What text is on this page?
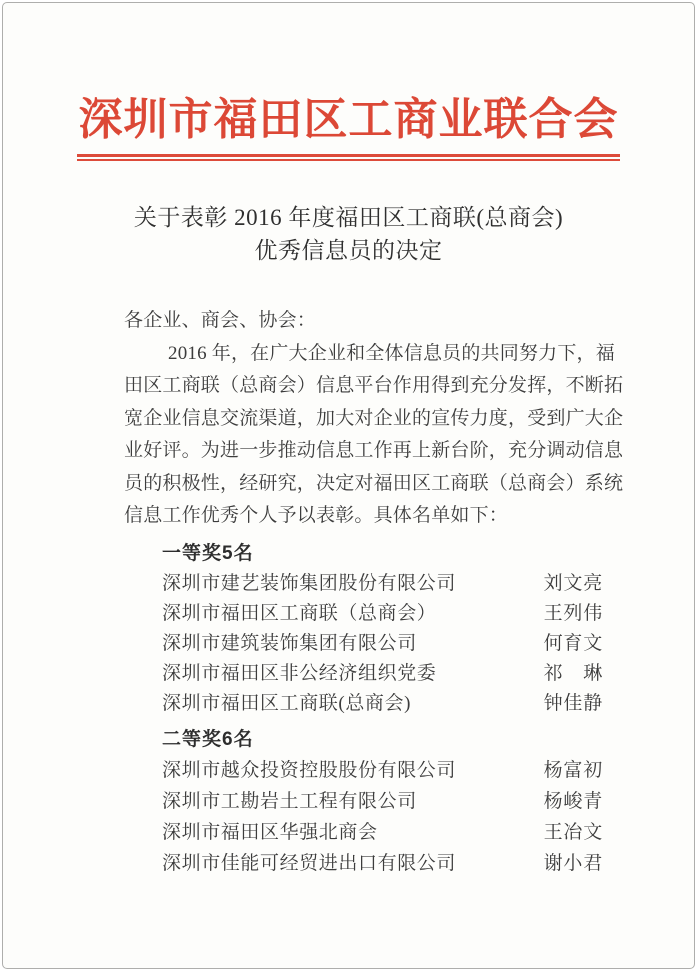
深圳市福田区工商业联合会
关于表彰 2016 年度福田区工商联(总商会)
优秀信息员的决定
各企业、商会、协会：
2016 年，在广大企业和全体信息员的共同努力下，福
田区工商联（总商会）信息平台作用得到充分发挥，不断拓
宽企业信息交流渠道，加大对企业的宣传力度，受到广大企
业好评。为进一步推动信息工作再上新台阶，充分调动信息
员的积极性，经研究，决定对福田区工商联（总商会）系统
信息工作优秀个人予以表彰。具体名单如下：
一等奖5名
深圳市建艺装饰集团股份有限公司	刘文亮
深圳市福田区工商联（总商会）	王列伟
深圳市建筑装饰集团有限公司	何育文
深圳市福田区非公经济组织党委	祁　琳
深圳市福田区工商联(总商会)	钟佳静
二等奖6名
深圳市越众投资控股股份有限公司	杨富初
深圳市工勘岩土工程有限公司	杨峻青
深圳市福田区华强北商会	王冶文
深圳市佳能可经贸进出口有限公司	谢小君
